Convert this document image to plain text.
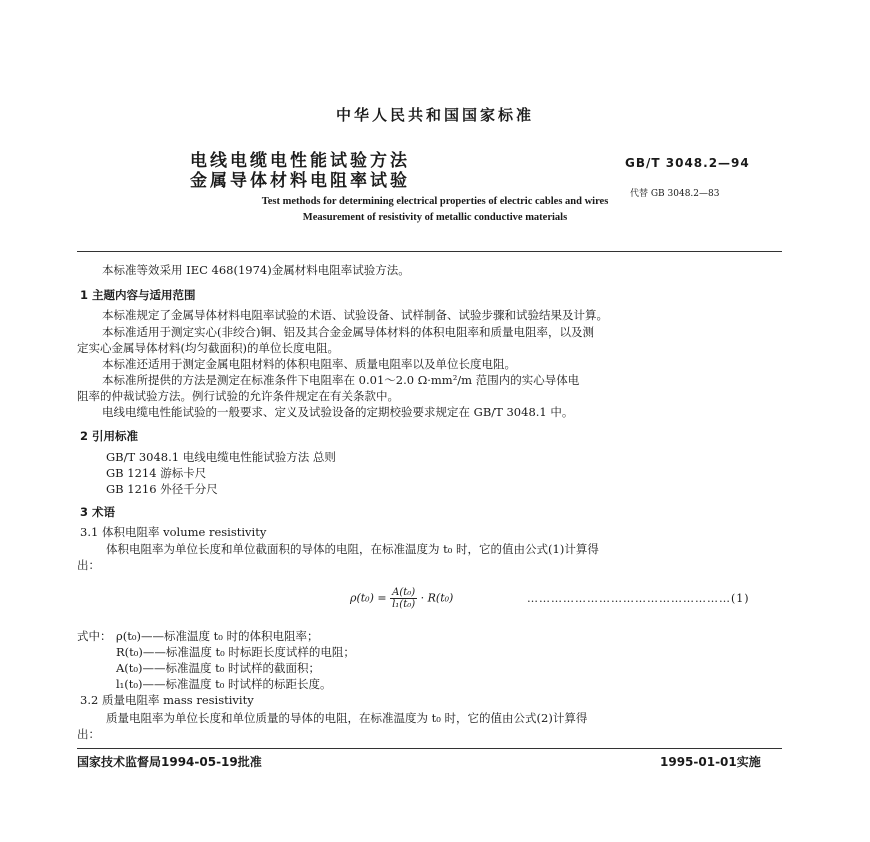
中华人民共和国国家标准
电线电缆电性能试验方法
金属导体材料电阻率试验
GB/T 3048.2—94
代替 GB 3048.2—83
Test methods for determining electrical properties of electric cables and wires
Measurement of resistivity of metallic conductive materials
本标准等效采用 IEC 468(1974)金属材料电阻率试验方法。
1 主题内容与适用范围
本标准规定了金属导体材料电阻率试验的术语、试验设备、试样制备、试验步骤和试验结果及计算。
本标准适用于测定实心(非绞合)铜、铝及其合金金属导体材料的体积电阻率和质量电阻率，以及测
定实心金属导体材料(均匀截面积)的单位长度电阻。
本标准还适用于测定金属电阻材料的体积电阻率、质量电阻率以及单位长度电阻。
本标准所提供的方法是测定在标准条件下电阻率在 0.01～2.0 Ω·mm²/m 范围内的实心导体电
阻率的仲裁试验方法。例行试验的允许条件规定在有关条款中。
电线电缆电性能试验的一般要求、定义及试验设备的定期校验要求规定在 GB/T 3048.1 中。
2 引用标准
GB/T 3048.1 电线电缆电性能试验方法 总则
GB 1214 游标卡尺
GB 1216 外径千分尺
3 术语
3.1 体积电阻率 volume resistivity
体积电阻率为单位长度和单位截面积的导体的电阻，在标准温度为 t₀ 时，它的值由公式(1)计算得
出：
$\rho(t_0) = \frac{\text{A(t₀)}}{\text{l₁(t₀)}} \cdot R(t_0)$	……………………………………………(1)
式中： ρ(t₀)——标准温度 t₀ 时的体积电阻率；
R(t₀)——标准温度 t₀ 时标距长度试样的电阻；
A(t₀)——标准温度 t₀ 时试样的截面积；
l₁(t₀)——标准温度 t₀ 时试样的标距长度。
3.2 质量电阻率 mass resistivity
质量电阻率为单位长度和单位质量的导体的电阻，在标准温度为 t₀ 时，它的值由公式(2)计算得
出：
国家技术监督局1994-05-19批准	1995-01-01实施
